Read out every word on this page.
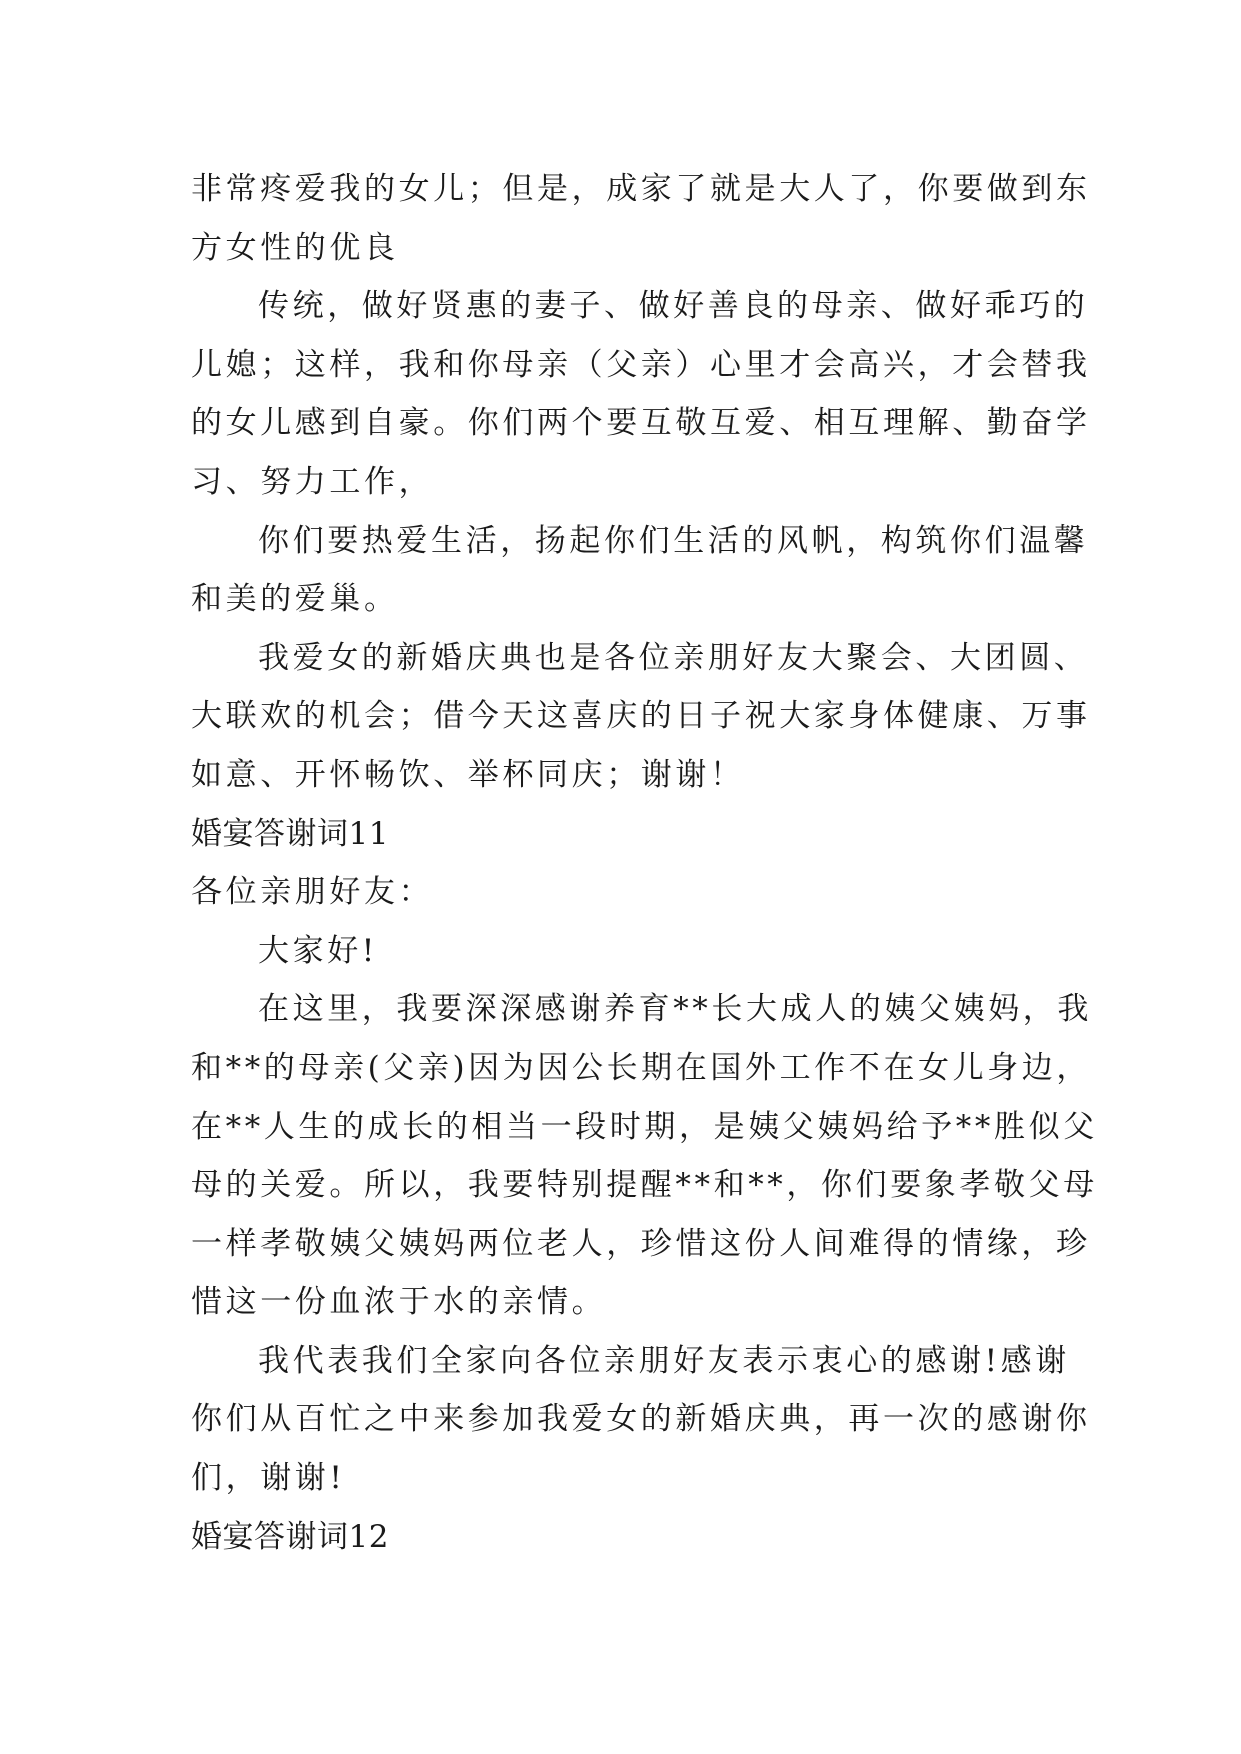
非常疼爱我的女儿；但是，成家了就是大人了，你要做到东
方女性的优良
传统，做好贤惠的妻子、做好善良的母亲、做好乖巧的
儿媳；这样，我和你母亲（父亲）心里才会高兴，才会替我
的女儿感到自豪。你们两个要互敬互爱、相互理解、勤奋学
习、努力工作，
你们要热爱生活，扬起你们生活的风帆，构筑你们温馨
和美的爱巢。
我爱女的新婚庆典也是各位亲朋好友大聚会、大团圆、
大联欢的机会；借今天这喜庆的日子祝大家身体健康、万事
如意、开怀畅饮、举杯同庆；谢谢！
婚宴答谢词11
各位亲朋好友：
大家好!
在这里，我要深深感谢养育**长大成人的姨父姨妈，我
和**的母亲(父亲)因为因公长期在国外工作不在女儿身边，
在**人生的成长的相当一段时期，是姨父姨妈给予**胜似父
母的关爱。所以，我要特别提醒**和**，你们要象孝敬父母
一样孝敬姨父姨妈两位老人，珍惜这份人间难得的情缘，珍
惜这一份血浓于水的亲情。
我代表我们全家向各位亲朋好友表示衷心的感谢!感谢
你们从百忙之中来参加我爱女的新婚庆典，再一次的感谢你
们，谢谢!
婚宴答谢词12
